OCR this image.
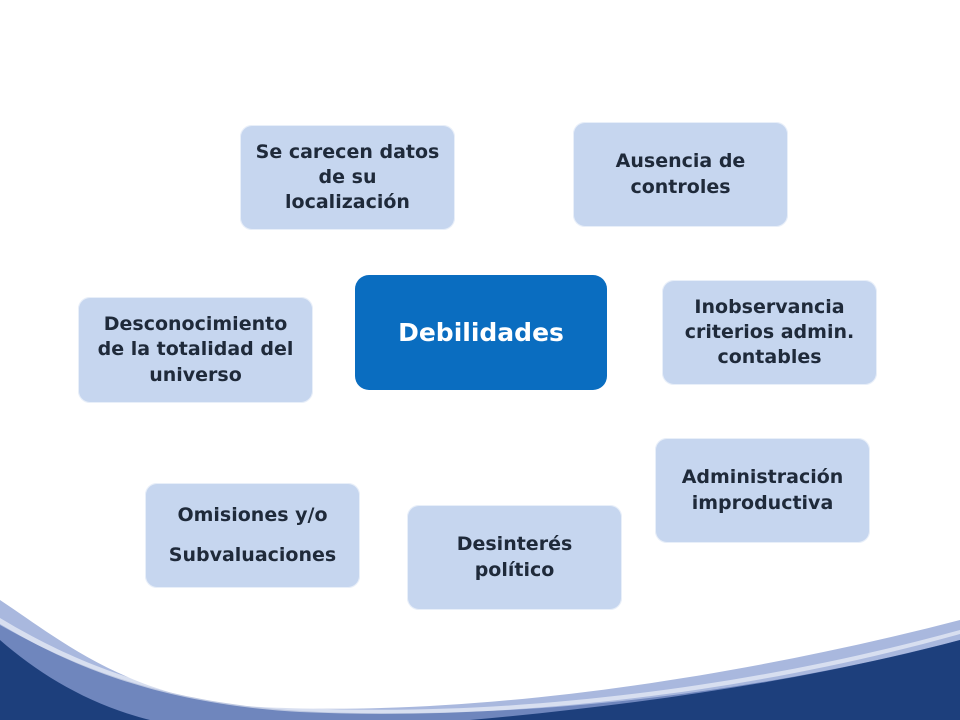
Se carecen datos
de su
localización
Ausencia de
controles
Debilidades
Desconocimiento
de la totalidad del
universo
Inobservancia
criterios admin.
contables
Administración
improductiva
Omisiones y/o
Subvaluaciones	Desinterés
político
